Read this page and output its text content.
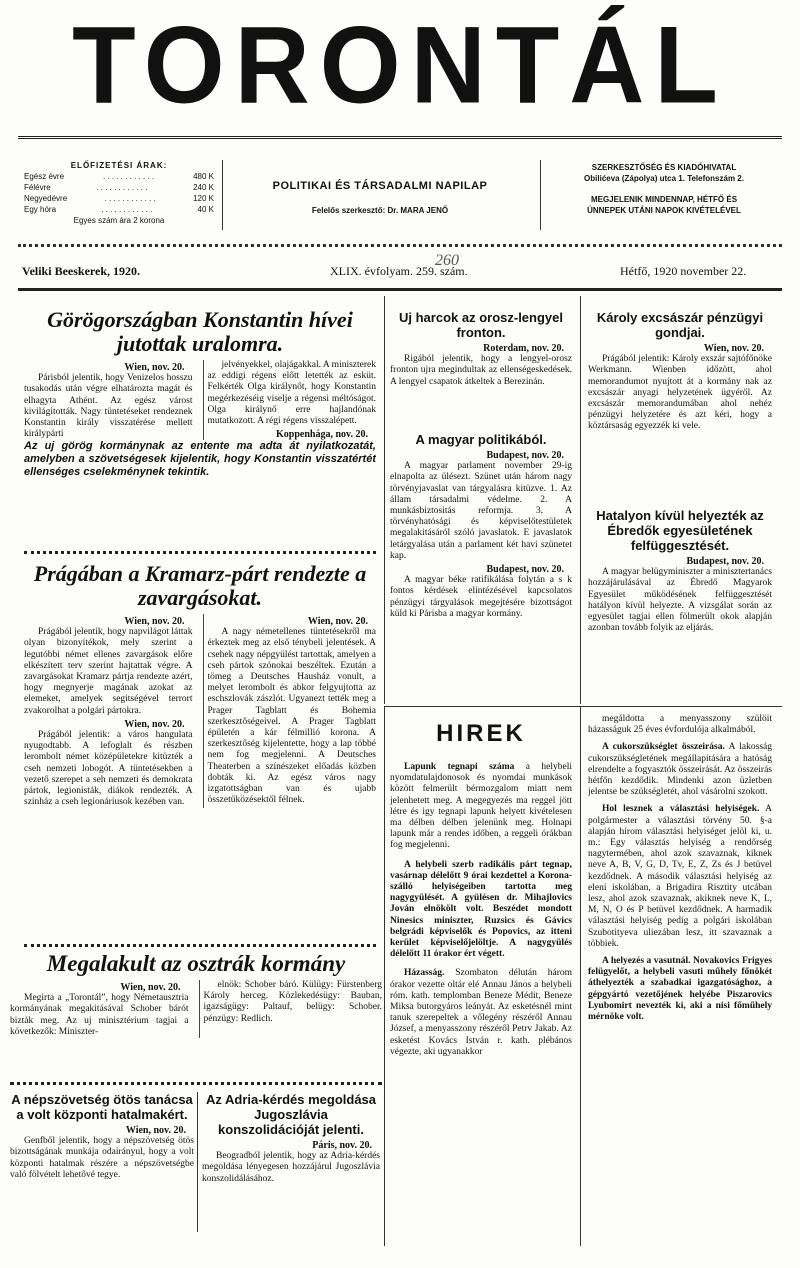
TORONTÁL
ELŐFIZETÉSI ÁRAK:
Egész évre	. . . . . . . . . . . .	480 K
Félévre	. . . . . . . . . . . .	240 K
Negyedévre	. . . . . . . . . . . .	120 K
Egy hóra	. . . . . . . . . . . .	40 K
Egyes szám ára 2 korona
POLITIKAI ÉS TÁRSADALMI NAPILAP
Felelős szerkesztő: Dr. MARA JENŐ
SZERKESZTŐSÉG ÉS KIADÓHIVATAL
Obilićeva (Zápolya) utca 1. Telefonszám 2.
MEGJELENIK MINDENNAP, HÉTFŐ ÉS
ÜNNEPEK UTÁNI NAPOK KIVÉTELÉVEL
Veliki Beeskerek, 1920.	XLIX. évfolyam. 259. szám.
260
Hétfő, 1920 november 22.
Görögországban Konstantin hívei jutottak uralomra.
Wien, nov. 20.

Párisból jelentik, hogy Venizelos hosszu tusakodás után végre elhatározta magát és elhagyta Athént. Az egész várost kivilágitották. Nagy tüntetéseket rendeznek Konstantin király visszatérése mellett királypárti

jelvényekkel, olajágakkal. A miniszterek az eddigi régens előtt letették az esküt. Felkérték Olga királynőt, hogy Konstantin megérkezéséig viselje a régensi méltóságot. Olga királynő erre hajlandónak mutatkozott. A régi régens visszalépett.

Koppenhága, nov. 20.
Az uj görög kormánynak az entente ma adta át nyilatkozatát, amelyben a szövetségesek kijelentik, hogy Konstantin visszatértét ellenséges cselekménynek tekintik.
Prágában a Kramarz-párt rendezte a zavargásokat.
Wien, nov. 20.

Prágából jelentik, hogy napvilágot láttak olyan bizonyítékok, mely szerint a legutóbbi német ellenes zavargások előre elkészített terv szerint hajtattak végre. A zavargásokat Kramarz pártja rendezte azért, hogy megnyerje magának azokat az elemeket, amelyek segitségével terrort zvakorolhat a polgári pártokra.

Wien, nov. 20.

Prágából jelentik: a város hangulata nyugodtabb. A lefoglalt és részben lerombolt német középületekre kitüzték a cseh nemzeti lobogót. A tüntetésekben a vezető szerepet a seh nemzeti és demokrata pártok, legionisták, diákok rendezték. A szinház a cseh legionáriusok kezében van.

Wien, nov. 20.

A nagy németellenes tüntetésekről ma érkeztek meg az első ténybeli jelentések. A csehek nagy népgyülést tartottak, amelyen a cseh pártok szónokai beszéltek. Ezután a tömeg a Deutsches Hausház vonult, a melyet lerombolt és abkor felgyujtotta az eschszlovák zászlót. Ugyanezt tették meg a Prager Tagblatt és Bohemia szerkesztőségeivel. A Prager Tagblatt épületén a kár félmillió korona. A szerkesztőség kijelentette, hogy a lap többé nem fog megjelenni. A Deutsches Theaterben a színészeket előadás közben dobták ki. Az egész város nagy izgatottságban van és ujabb összetűközésektől félnek.

Megalakult az osztrák kormány
Wien, nov. 20.

Megirta a „Torontál”, hogy Németausztria kormányának megakitásával Schober bárót bizták meg. Az uj minisztérium tagjai a következők: Miniszter-

elnök: Schober báró. Külügy: Fürstenberg Károly herceg. Közlekedésügy: Bauban, igazságügy: Paltauf, belügy: Schober. pénzügy: Redlich.

A népszövetség ötös tanácsa a volt központi hatalmakért.
Wien, nov. 20.

Genfből jelentik, hogy a népszövetség ötös bizottságának munkája odairányul, hogy a volt központi hatalmak részére a népszövetségbe való fölvételt lehetővé tegye.

Az Adria-kérdés megoldása Jugoszlávia konszolidációját jelenti.
Páris, nov. 20.

Beogradból jelentik, hogy az Adria-kérdés megoldása lényegesen hozzájárul Jugoszlávia konszolidálásához.

Uj harcok az orosz-lengyel fronton.
Roterdam, nov. 20.

Rigából jelentik, hogy a lengyel-orosz fronton ujra megindultak az ellenségeskedések. A lengyel csapatok átkeltek a Berezinán.

A magyar politikából.
Budapest, nov. 20.

A magyar parlament november 29-ig elnapolta az ülésezt. Szünet után három nagy törvényjavaslat van tárgyalásra kitüzve. 1. Az állam társadalmi védelme. 2. A munkásbiztositás reformja. 3. A törvényhatósági és képviselőtestületek megalakitásáról szóló javaslatok. E javaslatok letárgyalása után a parlament két havi szünetet kap.

Budapest, nov. 20.

A magyar béke ratifikálása folytán a s k fontos kérdések elintézésével kapcsolatos pénzügyi tárgyalások megejtésére bizottságot küld ki Párisba a magyar kormány.

Károly excsászár pénzügyi gondjai.
Wien, nov. 20.

Prágából jelentik: Károly exszár sajtófőnöke Werkmann. Wienben időzött, ahol memorandumot nyujtott át a kormány nak az excsászár anyagi helyzetének ügyéről. Az excsászár memorandumában ahol nehéz pénzügyi helyzetére és azt kéri, hogy a köztársaság egyezzék ki vele.

Hatalyon kívül helyezték az Ébredők egyesületének felfüggesztését.
Budapest, nov. 20.

A magyar belügyminiszter a minisztertanács hozzájárulásával az Ébredő Magyarok Egyesület működésének felfüggesztését hatályon kívül helyezte. A vizsgálat során az egyesület tagjai ellen fölmerült okok alapján azonban tovább folyik az eljárás.

HIREK

Lapunk tegnapi száma a helybeli nyomdatulajdonosok és nyomdai munkások között felmerült bérmozgalom miatt nem jelenhetett meg. A megegyezés ma reggel jött létre és igy tegnapi lapunk helyett kivételesen ma délben délben jelenünk meg. Holnapi lapunk már a rendes időben, a reggeli órákban fog megjelenni.

A helybeli szerb radikális párt tegnap, vasárnap délelőtt 9 órai kezdettel a Korona-szálló helyiségeiben tartotta meg nagygyülését. A gyülésen dr. Mihajlovics Jován elnökölt volt. Beszédet mondott Ninesics miniszter, Ruzsics és Gávics belgrádi képviselők és Popovics, az itteni kerület képviselőjelöltje. A nagygyülés délelőtt 11 órakor ért végett.

Házasság. Szombaton délután három órakor vezette oltár elé Annau János a helybeli róm. kath. templomban Beneze Médit, Beneze Miksa butorgyáros leányát. Az esketésnél mint tanuk szerepeltek a vőlegény részéről Annau József, a menyasszony részéről Petrv Jakab. Az esketést Kovács István r. kath. plébános végezte, aki ugyanakkor

megáldotta a menyasszony szülöit házasságuk 25 éves évfordulója alkalmából.

A cukorszükséglet összeirása. A lakosság cukorszükségletének megállapitására a hatóság elrendelte a fogyasztók összeirását. Az összeirás hétfőn kezdődik. Mindenki azon üzletben jelentse be szükségletét, ahol vásárolni szokott.

Hol lesznek a választási helyiségek. A polgármester a választási törvény 50. §-a alapján hírom választási helyiséget jelöl ki, u. m.: Egy választás helyiség a rendőrség nagytermében, ahol azok szavaznak, kiknek neve A, B, V, G, D, Tv, E, Z, Zs és J betüvel kezdődnek. A második választási helyiség az eleni iskolában, a Brigadira Risztity utcában lesz, ahol azok szavaznak, akiknek neve K, L, M, N, O és P betüvel kezdődnek. A harmadik választási helyiség pedig a polgári iskolában Szubotityeva uliezában lesz, itt szavaznak a többiek.

A helyezés a vasutnál. Novakovics Frigyes felügyelőt, a helybeli vasuti műhely főnökét áthelyezték a szabadkai igazgatósághoz, a gépgyártó vezetőjének helyébe Piszarovics Lyubomirt nevezték ki, aki a nisi főműhely mérnöke volt.
